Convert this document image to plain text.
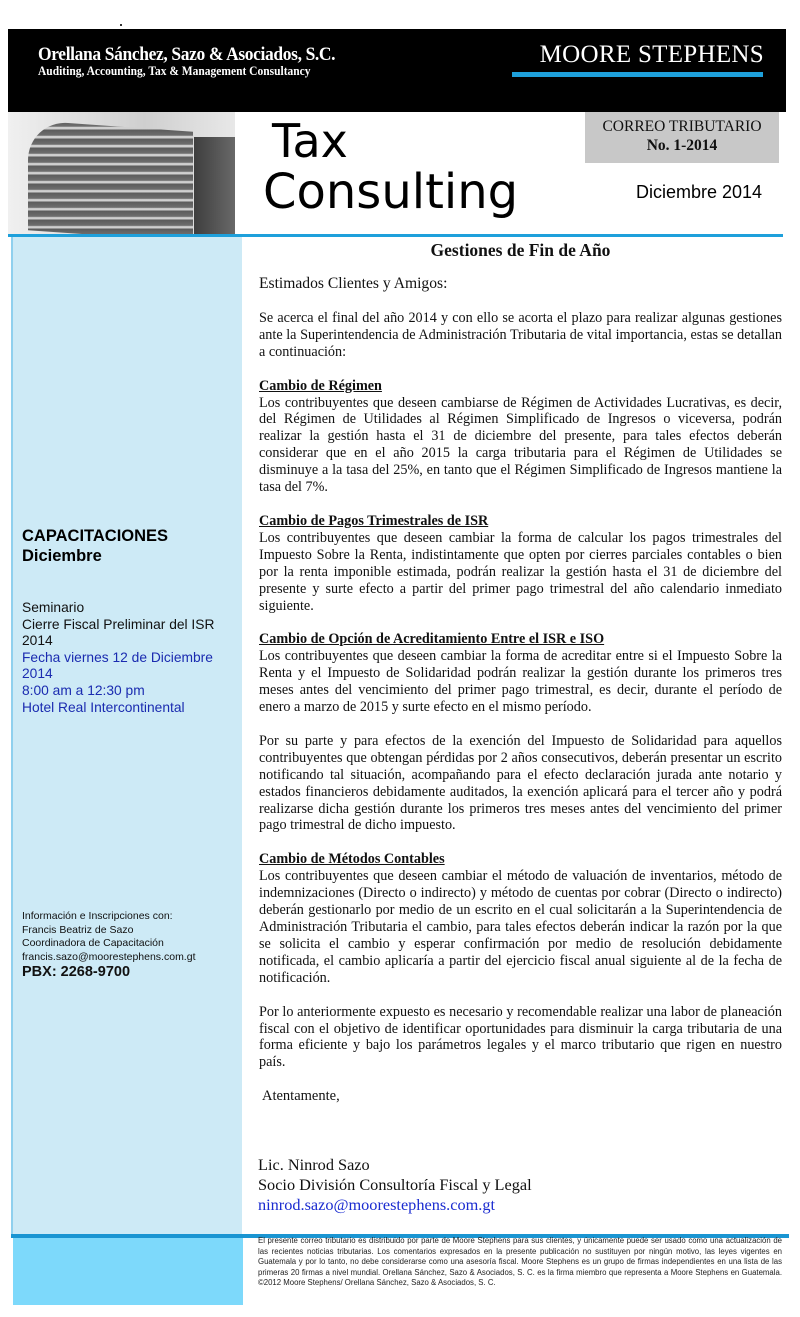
Orellana Sánchez, Sazo & Asociados, S.C.
Auditing, Accounting, Tax & Management Consultancy
MOORE STEPHENS
Tax
Consulting
CORREO TRIBUTARIO
No. 1-2014
Diciembre 2014
CAPACITACIONES
Diciembre
Seminario
Cierre Fiscal Preliminar del ISR
2014
Fecha viernes 12 de Diciembre
2014
8:00 am a 12:30 pm
Hotel Real Intercontinental
Información e Inscripciones con:
Francis Beatriz de Sazo
Coordinadora de Capacitación
francis.sazo@moorestephens.com.gt
PBX: 2268-9700
Gestiones de Fin de Año
Estimados Clientes y Amigos:

Se acerca el final del año 2014 y con ello se acorta el plazo para realizar algunas gestiones ante la Superintendencia de Administración Tributaria de vital importancia, estas se detallan a continuación:

Cambio de Régimen

Los contribuyentes que deseen cambiarse de Régimen de Actividades Lucrativas, es decir, del Régimen de Utilidades al Régimen Simplificado de Ingresos o viceversa, podrán realizar la gestión hasta el 31 de diciembre del presente, para tales efectos deberán considerar que en el año 2015 la carga tributaria para el Régimen de Utilidades se disminuye a la tasa del 25%, en tanto que el Régimen Simplificado de Ingresos mantiene la tasa del 7%.

Cambio de Pagos Trimestrales de ISR

Los contribuyentes que deseen cambiar la forma de calcular los pagos trimestrales del Impuesto Sobre la Renta, indistintamente que opten por cierres parciales contables o bien por la renta imponible estimada, podrán realizar la gestión hasta el 31 de diciembre del presente y surte efecto a partir del primer pago trimestral del año calendario inmediato siguiente.

Cambio de Opción de Acreditamiento Entre el ISR e ISO

Los contribuyentes que deseen cambiar la forma de acreditar entre si el Impuesto Sobre la Renta y el Impuesto de Solidaridad podrán realizar la gestión durante los primeros tres meses antes del vencimiento del primer pago trimestral, es decir, durante el período de enero a marzo de 2015 y surte efecto en el mismo período.

Por su parte y para efectos de la exención del Impuesto de Solidaridad para aquellos contribuyentes que obtengan pérdidas por 2 años consecutivos, deberán presentar un escrito notificando tal situación, acompañando para el efecto declaración jurada ante notario y estados financieros debidamente auditados, la exención aplicará para el tercer año y podrá realizarse dicha gestión durante los primeros tres meses antes del vencimiento del primer pago trimestral de dicho impuesto.

Cambio de Métodos Contables

Los contribuyentes que deseen cambiar el método de valuación de inventarios, método de indemnizaciones (Directo o indirecto) y método de cuentas por cobrar (Directo o indirecto) deberán gestionarlo por medio de un escrito en el cual solicitarán a la Superintendencia de Administración Tributaria el cambio, para tales efectos deberán indicar la razón por la que se solicita el cambio y esperar confirmación por medio de resolución debidamente notificada, el cambio aplicaría a partir del ejercicio fiscal anual siguiente al de la fecha de notificación.

Por lo anteriormente expuesto es necesario y recomendable realizar una labor de planeación fiscal con el objetivo de identificar oportunidades para disminuir la carga tributaria de una forma eficiente y bajo los parámetros legales y el marco tributario que rigen en nuestro país.

Atentamente,
Lic. Ninrod Sazo
Socio División Consultoría Fiscal y Legal
ninrod.sazo@moorestephens.com.gt
El presente correo tributario es distribuido por parte de Moore Stephens para sus clientes, y únicamente puede ser usado como una actualización de las recientes noticias tributarias. Los comentarios expresados en la presente publicación no sustituyen por ningún motivo, las leyes vigentes en Guatemala y por lo tanto, no debe considerarse como una asesoría fiscal. Moore Stephens es un grupo de firmas independientes en una lista de las primeras 20 firmas a nivel mundial. Orellana Sánchez, Sazo & Asociados, S. C. es la firma miembro que representa a Moore Stephens en Guatemala. ©2012 Moore Stephens/ Orellana Sánchez, Sazo & Asociados, S. C.
